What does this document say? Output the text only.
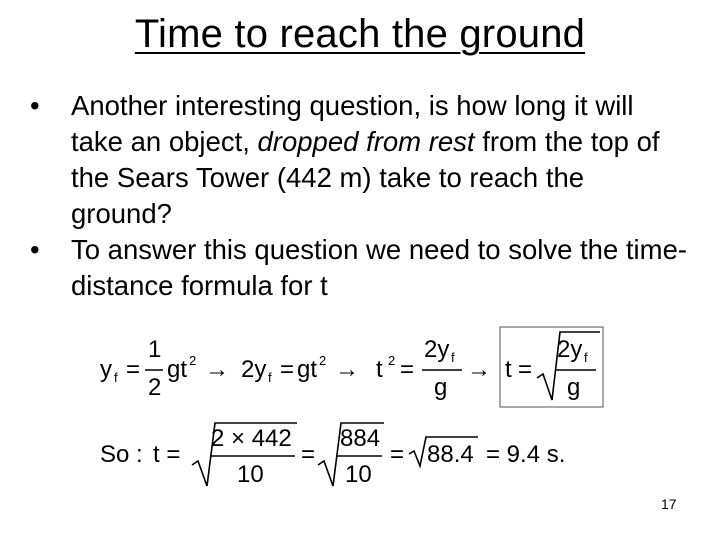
Time to reach the ground
• Another interesting question, is how long it will take an object, dropped from rest from the top of the Sears Tower (442 m) take to reach the ground?
• To answer this question we need to solve the time-distance formula for t
y f =
1
2
gt 2 → 2y f = gt 2 → t 2 =
2y f
g
→ t =
2y f
g
So : t =
2 × 442
10
=
884
10
= 88.4 = 9.4 s.
17
